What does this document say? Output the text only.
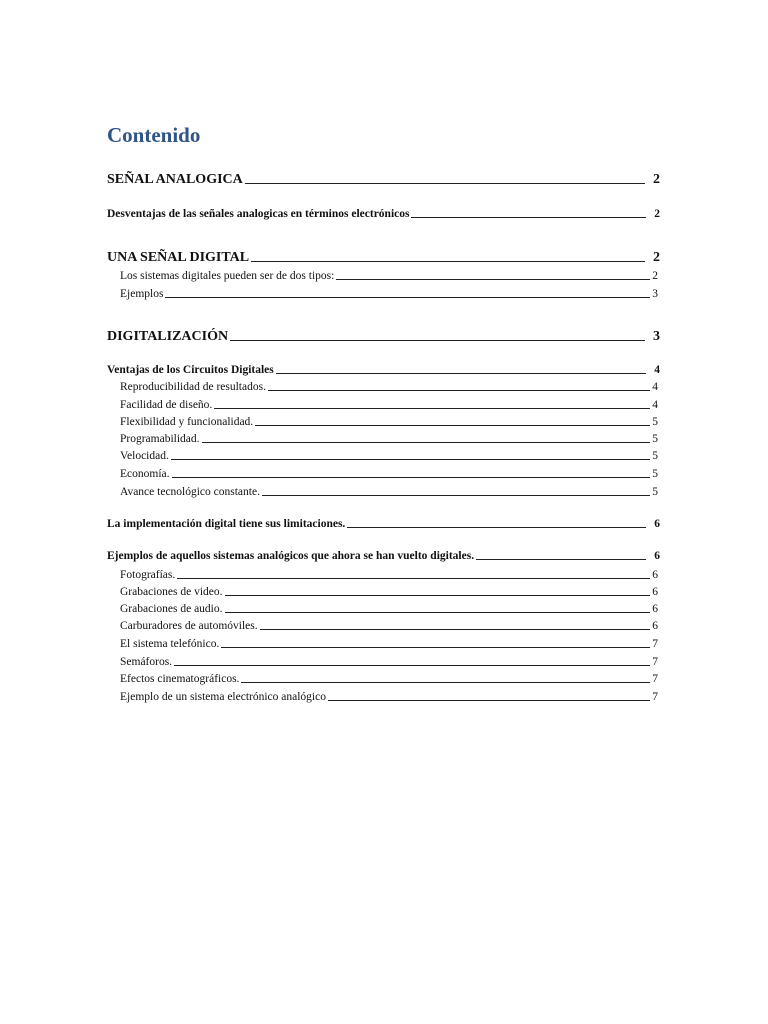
Contenido
SEÑAL ANALOGICA	2
Desventajas de las señales analogicas en términos electrónicos	2
UNA SEÑAL DIGITAL	2
Los sistemas digitales pueden ser de dos tipos:	2
Ejemplos	3
DIGITALIZACIÓN	3
Ventajas de los Circuitos Digitales	4
Reproducibilidad de resultados.	4
Facilidad de diseño.	4
Flexibilidad y funcionalidad.	5
Programabilidad.	5
Velocidad.	5
Economía.	5
Avance tecnológico constante.	5
La implementación digital tiene sus limitaciones.	6
Ejemplos de aquellos sistemas analógicos que ahora se han vuelto digitales.	6
Fotografías.	6
Grabaciones de video.	6
Grabaciones de audio.	6
Carburadores de automóviles.	6
El sistema telefónico.	7
Semáforos.	7
Efectos cinematográficos.	7
Ejemplo de un sistema electrónico analógico	7
